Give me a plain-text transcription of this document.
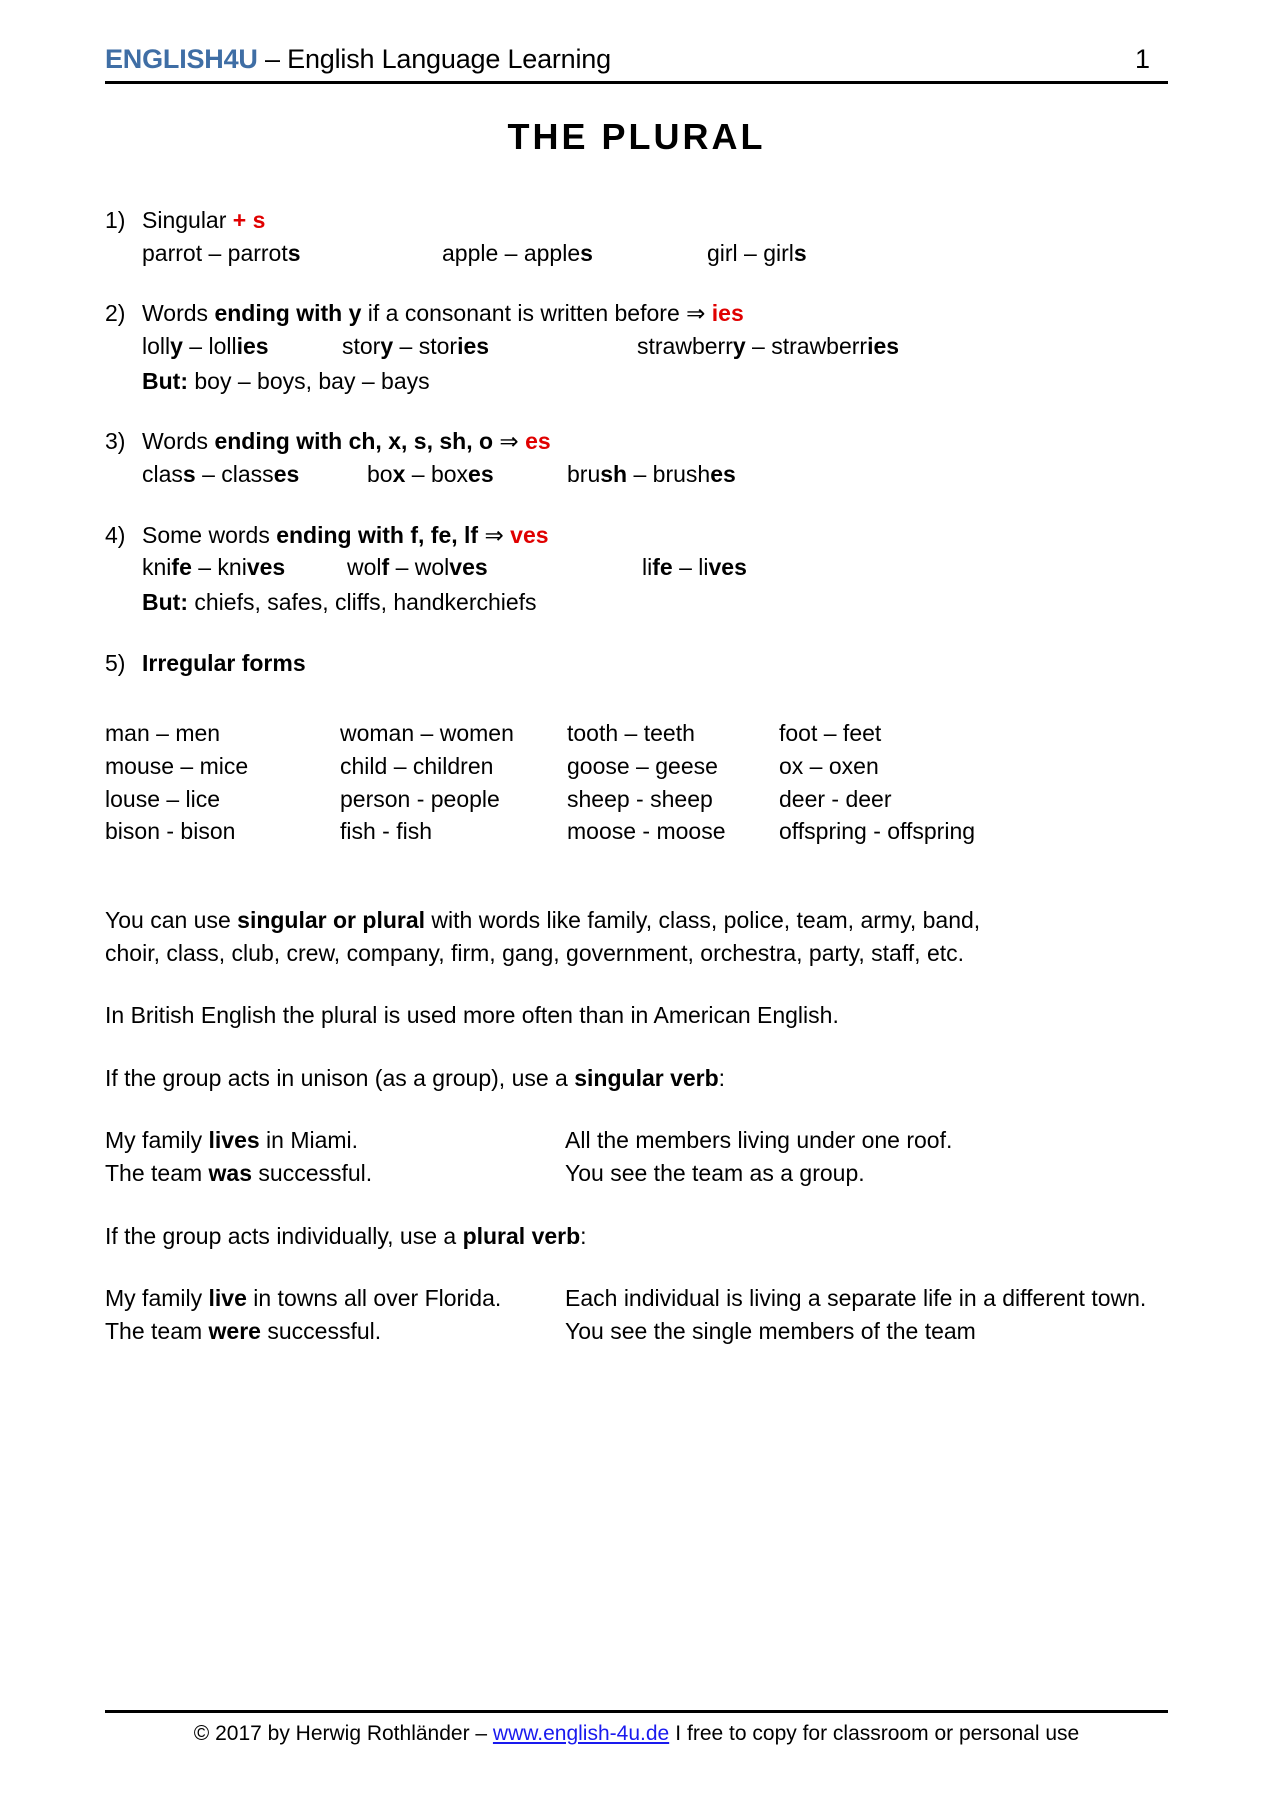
ENGLISH4U – English Language Learning	1
THE PLURAL
1) Singular + s
parrot – parrots	apple – apples	girl – girls
2) Words ending with y if a consonant is written before ⇒ ies
lolly – lollies	story – stories	strawberry – strawberries
But: boy – boys, bay – bays
3) Words ending with ch, x, s, sh, o ⇒ es
class – classes	box – boxes	brush – brushes
4) Some words ending with f, fe, lf ⇒ ves
knife – knives	wolf – wolves	life – lives
But: chiefs, safes, cliffs, handkerchiefs
5) Irregular forms
man – men	woman – women	tooth – teeth	foot – feet
mouse – mice	child – children	goose – geese	ox – oxen
louse – lice	person - people	sheep - sheep	deer - deer
bison - bison	fish - fish	moose - moose	offspring - offspring

You can use singular or plural with words like family, class, police, team, army, band, choir, class, club, crew, company, firm, gang, government, orchestra, party, staff, etc.

In British English the plural is used more often than in American English.

If the group acts in unison (as a group), use a singular verb:

My family lives in Miami.	All the members living under one roof.
The team was successful.	You see the team as a group.

If the group acts individually, use a plural verb:

My family live in towns all over Florida.	Each individual is living a separate life in a different town.
The team were successful.	You see the single members of the team
© 2017 by Herwig Rothländer – www.english-4u.de I free to copy for classroom or personal use
